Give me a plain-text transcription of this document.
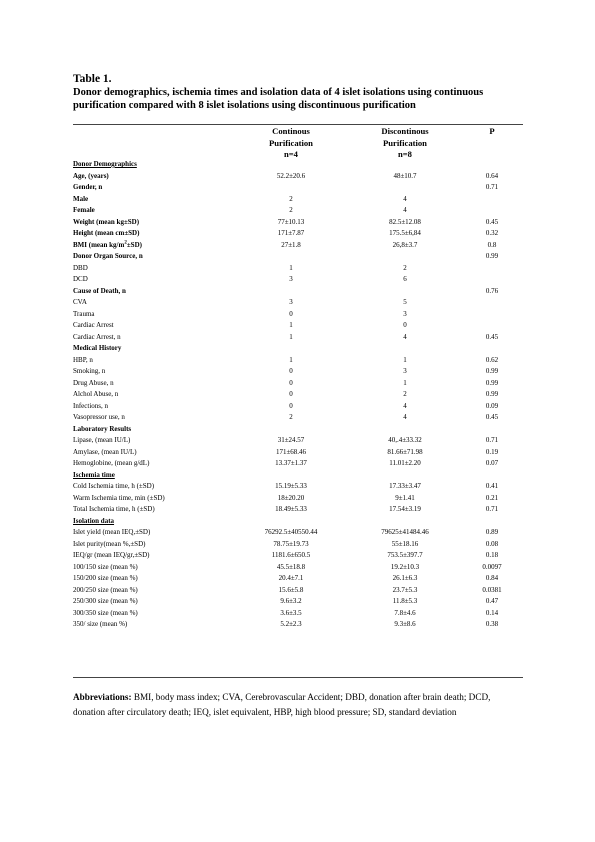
Table 1.
Donor demographics, ischemia times and isolation data of 4 islet isolations using continuous purification compared with 8 islet isolations using discontinuous purification
Continous
Purification
n=4
Discontinous
Purification
n=8
P
Donor Demographics			
Age, (years)	52.2±20.6	48±10.7	0.64
Gender, n			0.71
Male	2	4	
Female	2	4	
Weight (mean kg±SD)	77±10.13	82.5±12.08	0.45
Height (mean cm±SD)	171±7.87	175.5±6,84	0.32
BMI (mean $kg/m^2\pm SD$)	27±1.8	26,8±3.7	0.8
Donor Organ Source, n			0.99
DBD	1	2	
DCD	3	6	
Cause of Death, n			0.76
CVA	3	5	
Trauma	0	3	
Cardiac Arrest	1	0	
Cardiac Arrest, n	1	4	0.45
Medical History			
HBP, n	1	1	0.62
Smoking, n	0	3	0.99
Drug Abuse, n	0	1	0.99
Alchol Abuse, n	0	2	0.99
Infections, n	0	4	0.09
Vasopressor use, n	2	4	0.45
Laboratory Results			
Lipase, (mean IU/L)	31±24.57	40,.4±33.32	0.71
Amylase, (mean IU/L)	171±68.46	81.66±71.98	0.19
Hemoglobine, (mean g/dL)	13.37±1.37	11.01±2.20	0.07
Ischemia time			
Cold Ischemia time, h (±SD)	15.19±5.33	17.33±3.47	0.41
Warm Ischemia time, min (±SD)	18±20.20	9±1.41	0.21
Total Ischemia time, h (±SD)	18.49±5.33	17.54±3.19	0.71
Isolation data			
Islet yield (mean IEQ,±SD)	76292.5±40550.44	79625±41484.46	0.89
Islet purity(mean %,±SD)	78.75±19.73	55±18.16	0.08
IEQ/gr (mean IEQ/gr,±SD)	1181.6±650.5	753.5±397.7	0.18
100/150 size (mean %)	45.5±18.8	19.2±10.3	0.0097
150/200 size (mean %)	20.4±7.1	26.1±6.3	0.84
200/250 size (mean %)	15.6±5.8	23.7±5.3	0.0381
250/300 size (mean %)	9.6±3.2	11.8±5.3	0.47
300/350 size (mean %)	3.6±3.5	7.8±4.6	0.14
350/ size (mean %)	5.2±2.3	9.3±8.6	0.38
Abbreviations: BMI, body mass index; CVA, Cerebrovascular Accident; DBD, donation after brain death; DCD, donation after circulatory death; IEQ, islet equivalent, HBP, high blood pressure; SD, standard deviation
